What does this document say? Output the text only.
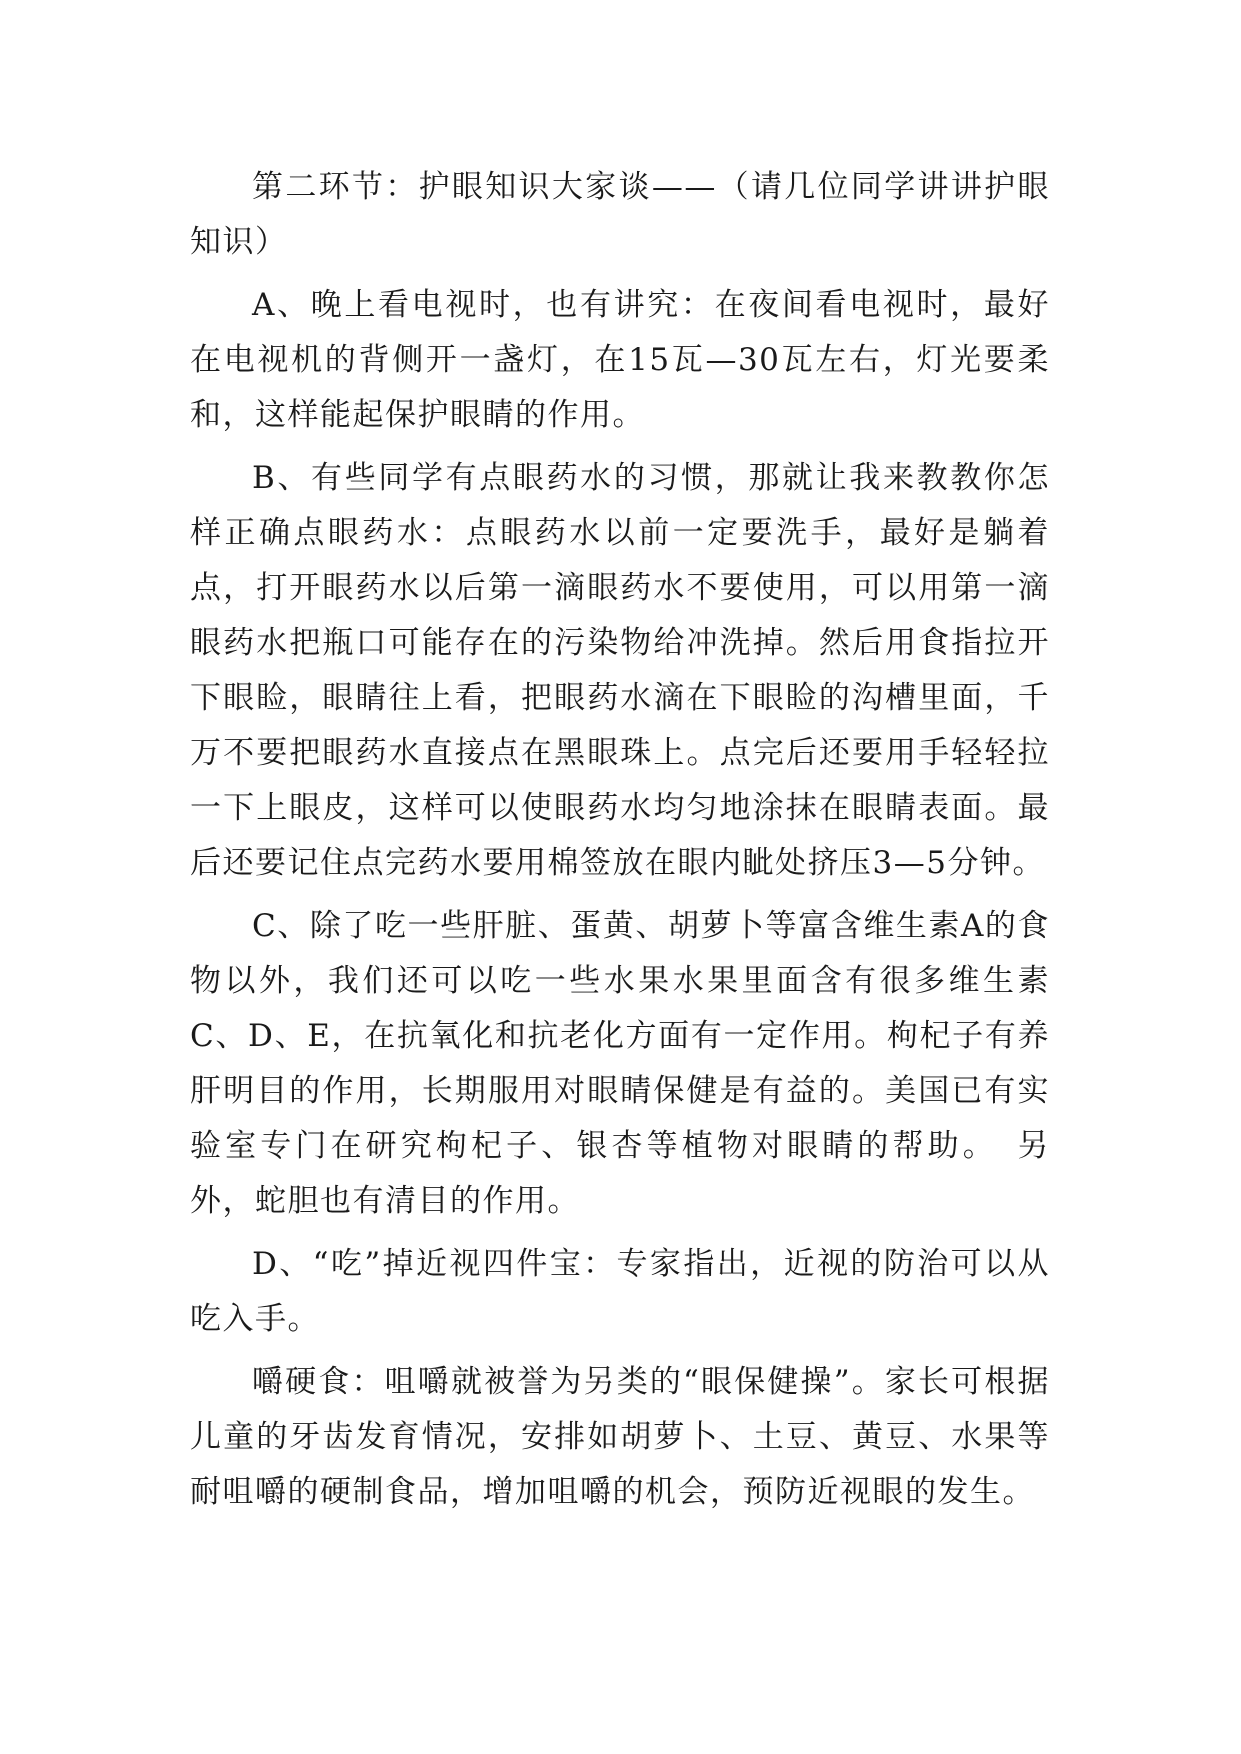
第二环节：护眼知识大家谈——（请几位同学讲讲护眼知识）

A、晚上看电视时，也有讲究：在夜间看电视时，最好在电视机的背侧开一盏灯，在15瓦—30瓦左右，灯光要柔和，这样能起保护眼睛的作用。

B、有些同学有点眼药水的习惯，那就让我来教教你怎样正确点眼药水：点眼药水以前一定要洗手，最好是躺着点，打开眼药水以后第一滴眼药水不要使用，可以用第一滴眼药水把瓶口可能存在的污染物给冲洗掉。然后用食指拉开下眼睑，眼睛往上看，把眼药水滴在下眼睑的沟槽里面，千万不要把眼药水直接点在黑眼珠上。点完后还要用手轻轻拉一下上眼皮，这样可以使眼药水均匀地涂抹在眼睛表面。最后还要记住点完药水要用棉签放在眼内眦处挤压3—5分钟。

C、除了吃一些肝脏、蛋黄、胡萝卜等富含维生素A的食物以外，我们还可以吃一些水果水果里面含有很多维生素C、D、E，在抗氧化和抗老化方面有一定作用。枸杞子有养肝明目的作用，长期服用对眼睛保健是有益的。美国已有实验室专门在研究枸杞子、银杏等植物对眼睛的帮助。　另外，蛇胆也有清目的作用。

D、“吃”掉近视四件宝：专家指出，近视的防治可以从吃入手。

嚼硬食：咀嚼就被誉为另类的“眼保健操”。家长可根据儿童的牙齿发育情况，安排如胡萝卜、土豆、黄豆、水果等耐咀嚼的硬制食品，增加咀嚼的机会，预防近视眼的发生。
